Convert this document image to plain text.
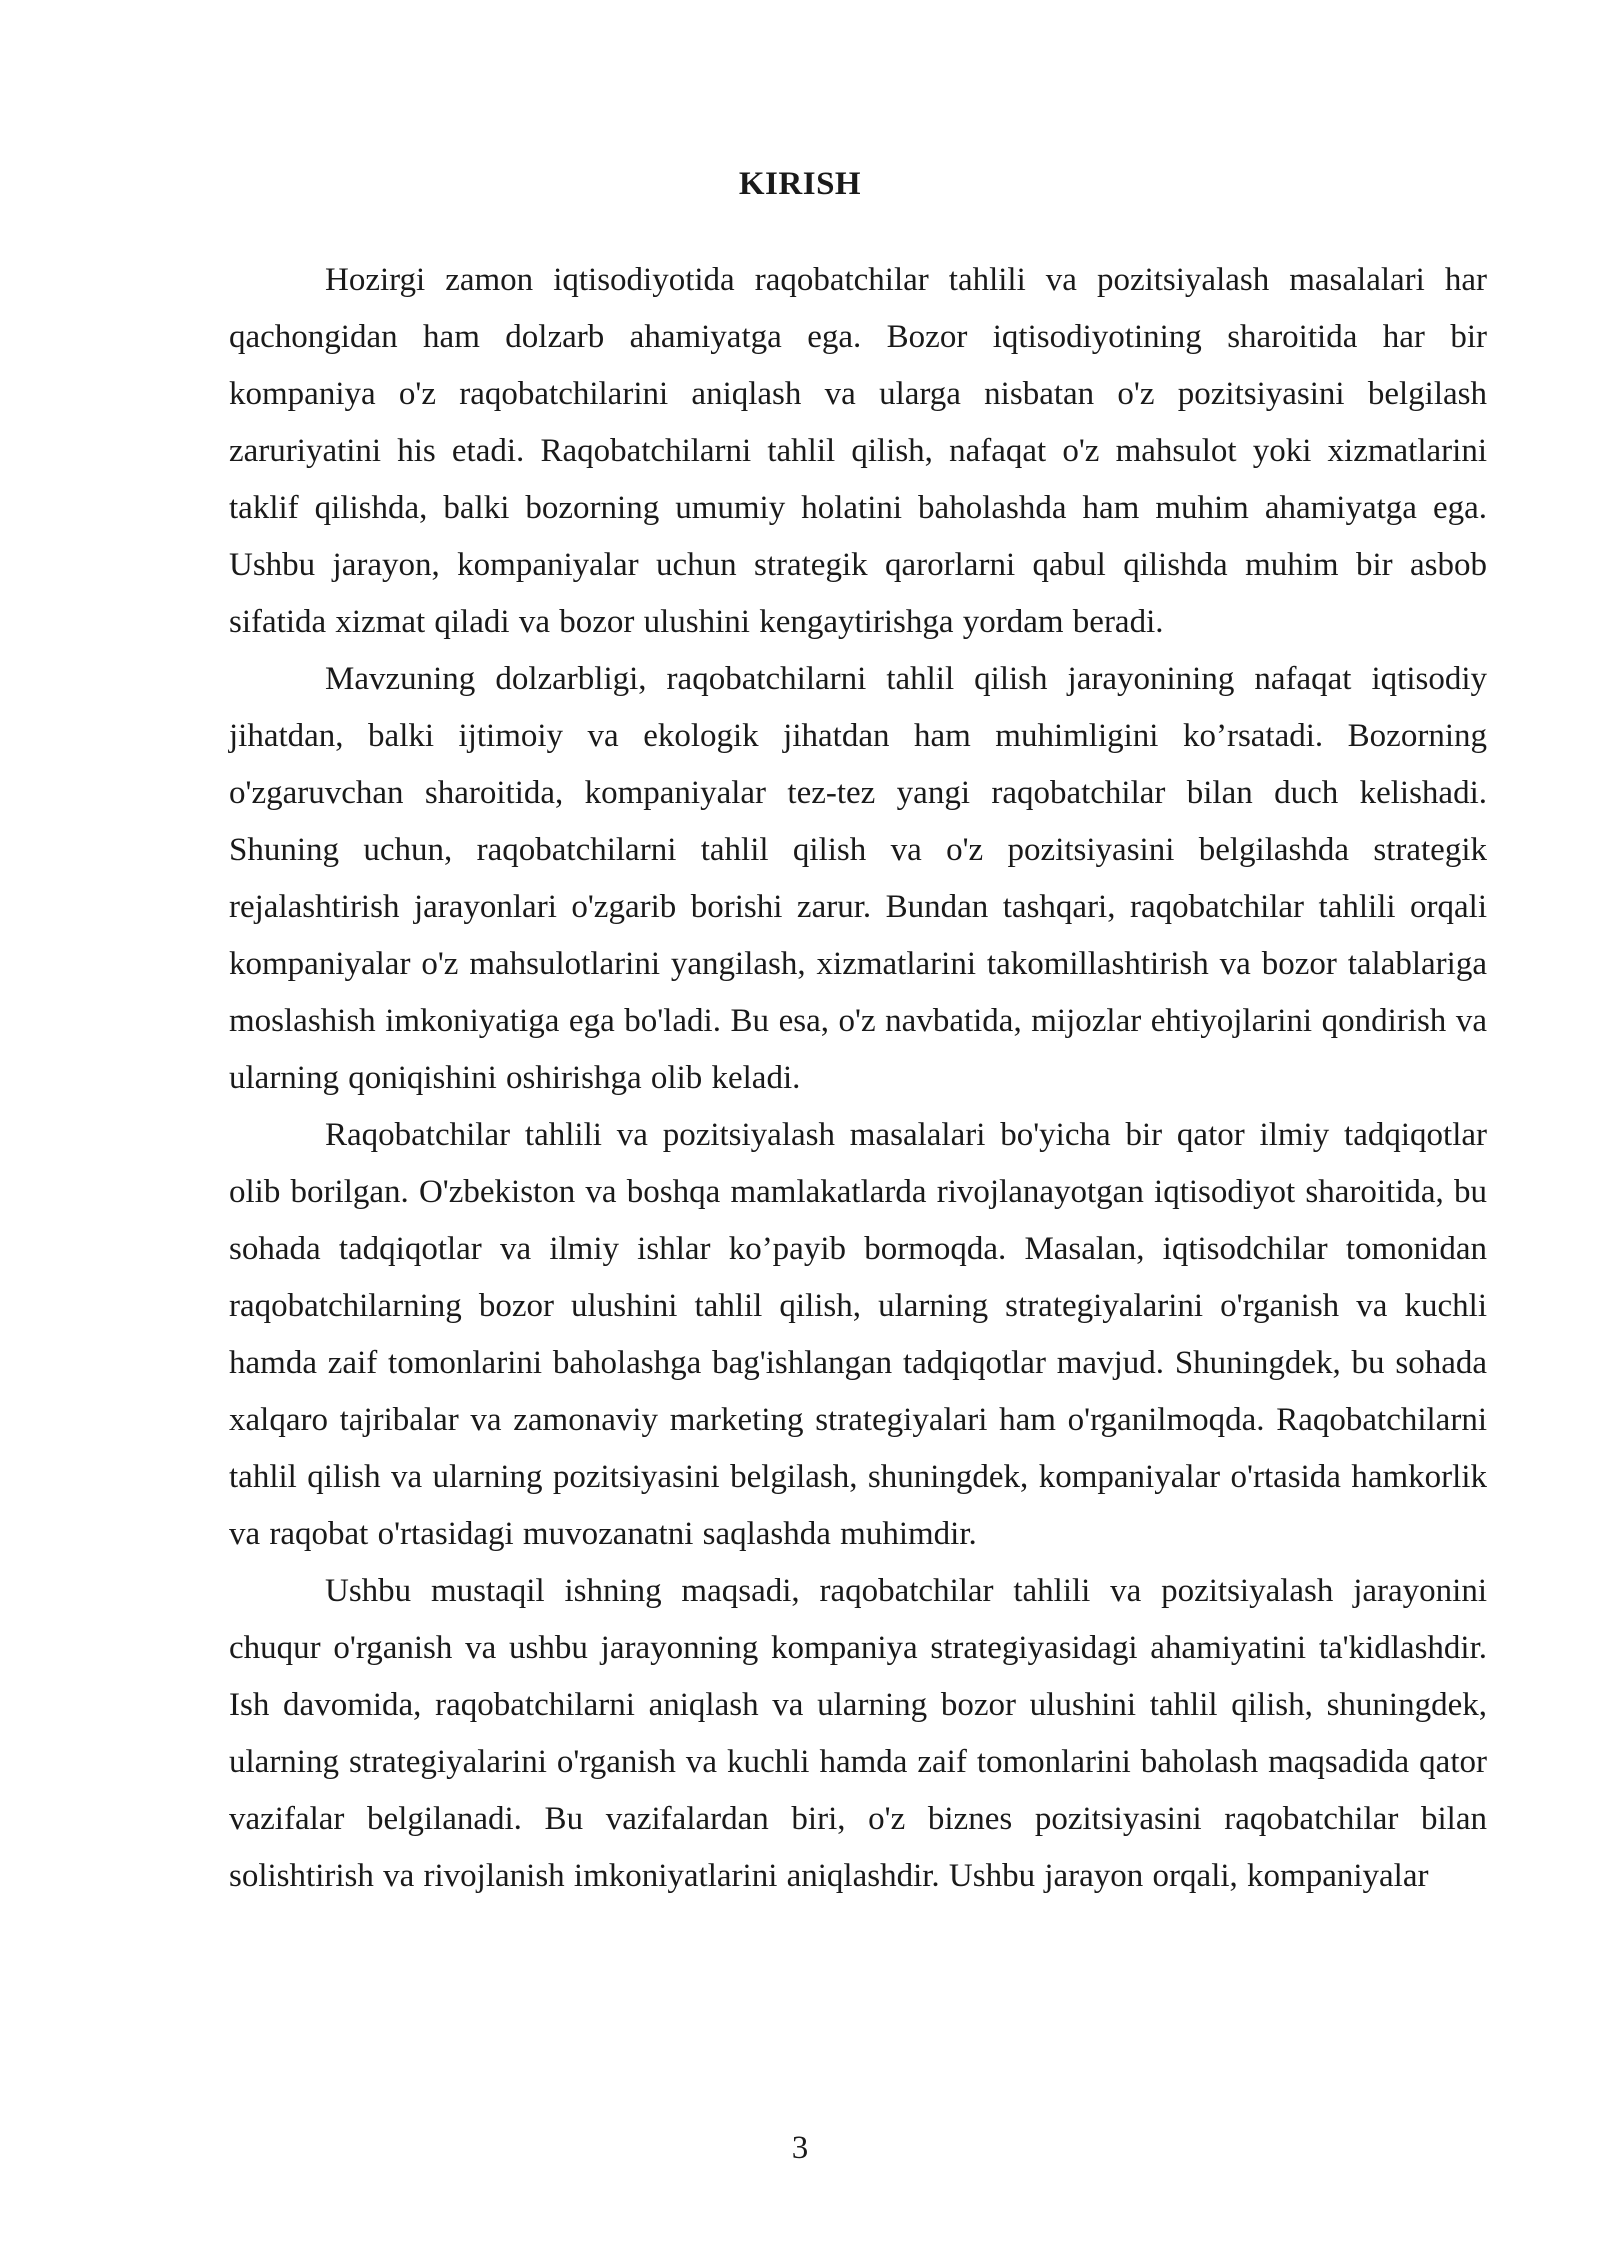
KIRISH

Hozirgi zamon iqtisodiyotida raqobatchilar tahlili va pozitsiyalash masalalari har qachongidan ham dolzarb ahamiyatga ega. Bozor iqtisodiyotining sharoitida har bir kompaniya o'z raqobatchilarini aniqlash va ularga nisbatan o'z pozitsiyasini belgilash zaruriyatini his etadi. Raqobatchilarni tahlil qilish, nafaqat o'z mahsulot yoki xizmatlarini taklif qilishda, balki bozorning umumiy holatini baholashda ham muhim ahamiyatga ega. Ushbu jarayon, kompaniyalar uchun strategik qarorlarni qabul qilishda muhim bir asbob sifatida xizmat qiladi va bozor ulushini kengaytirishga yordam beradi.

Mavzuning dolzarbligi, raqobatchilarni tahlil qilish jarayonining nafaqat iqtisodiy jihatdan, balki ijtimoiy va ekologik jihatdan ham muhimligini ko’rsatadi. Bozorning o'zgaruvchan sharoitida, kompaniyalar tez-tez yangi raqobatchilar bilan duch kelishadi. Shuning uchun, raqobatchilarni tahlil qilish va o'z pozitsiyasini belgilashda strategik rejalashtirish jarayonlari o'zgarib borishi zarur. Bundan tashqari, raqobatchilar tahlili orqali kompaniyalar o'z mahsulotlarini yangilash, xizmatlarini takomillashtirish va bozor talablariga moslashish imkoniyatiga ega bo'ladi. Bu esa, o'z navbatida, mijozlar ehtiyojlarini qondirish va ularning qoniqishini oshirishga olib keladi.

Raqobatchilar tahlili va pozitsiyalash masalalari bo'yicha bir qator ilmiy tadqiqotlar olib borilgan. O'zbekiston va boshqa mamlakatlarda rivojlanayotgan iqtisodiyot sharoitida, bu sohada tadqiqotlar va ilmiy ishlar ko’payib bormoqda. Masalan, iqtisodchilar tomonidan raqobatchilarning bozor ulushini tahlil qilish, ularning strategiyalarini o'rganish va kuchli hamda zaif tomonlarini baholashga bag'ishlangan tadqiqotlar mavjud. Shuningdek, bu sohada xalqaro tajribalar va zamonaviy marketing strategiyalari ham o'rganilmoqda. Raqobatchilarni tahlil qilish va ularning pozitsiyasini belgilash, shuningdek, kompaniyalar o'rtasida hamkorlik va raqobat o'rtasidagi muvozanatni saqlashda muhimdir.

Ushbu mustaqil ishning maqsadi, raqobatchilar tahlili va pozitsiyalash jarayonini chuqur o'rganish va ushbu jarayonning kompaniya strategiyasidagi ahamiyatini ta'kidlashdir. Ish davomida, raqobatchilarni aniqlash va ularning bozor ulushini tahlil qilish, shuningdek, ularning strategiyalarini o'rganish va kuchli hamda zaif tomonlarini baholash maqsadida qator vazifalar belgilanadi. Bu vazifalardan biri, o'z biznes pozitsiyasini raqobatchilar bilan solishtirish va rivojlanish imkoniyatlarini aniqlashdir. Ushbu jarayon orqali, kompaniyalar

3
